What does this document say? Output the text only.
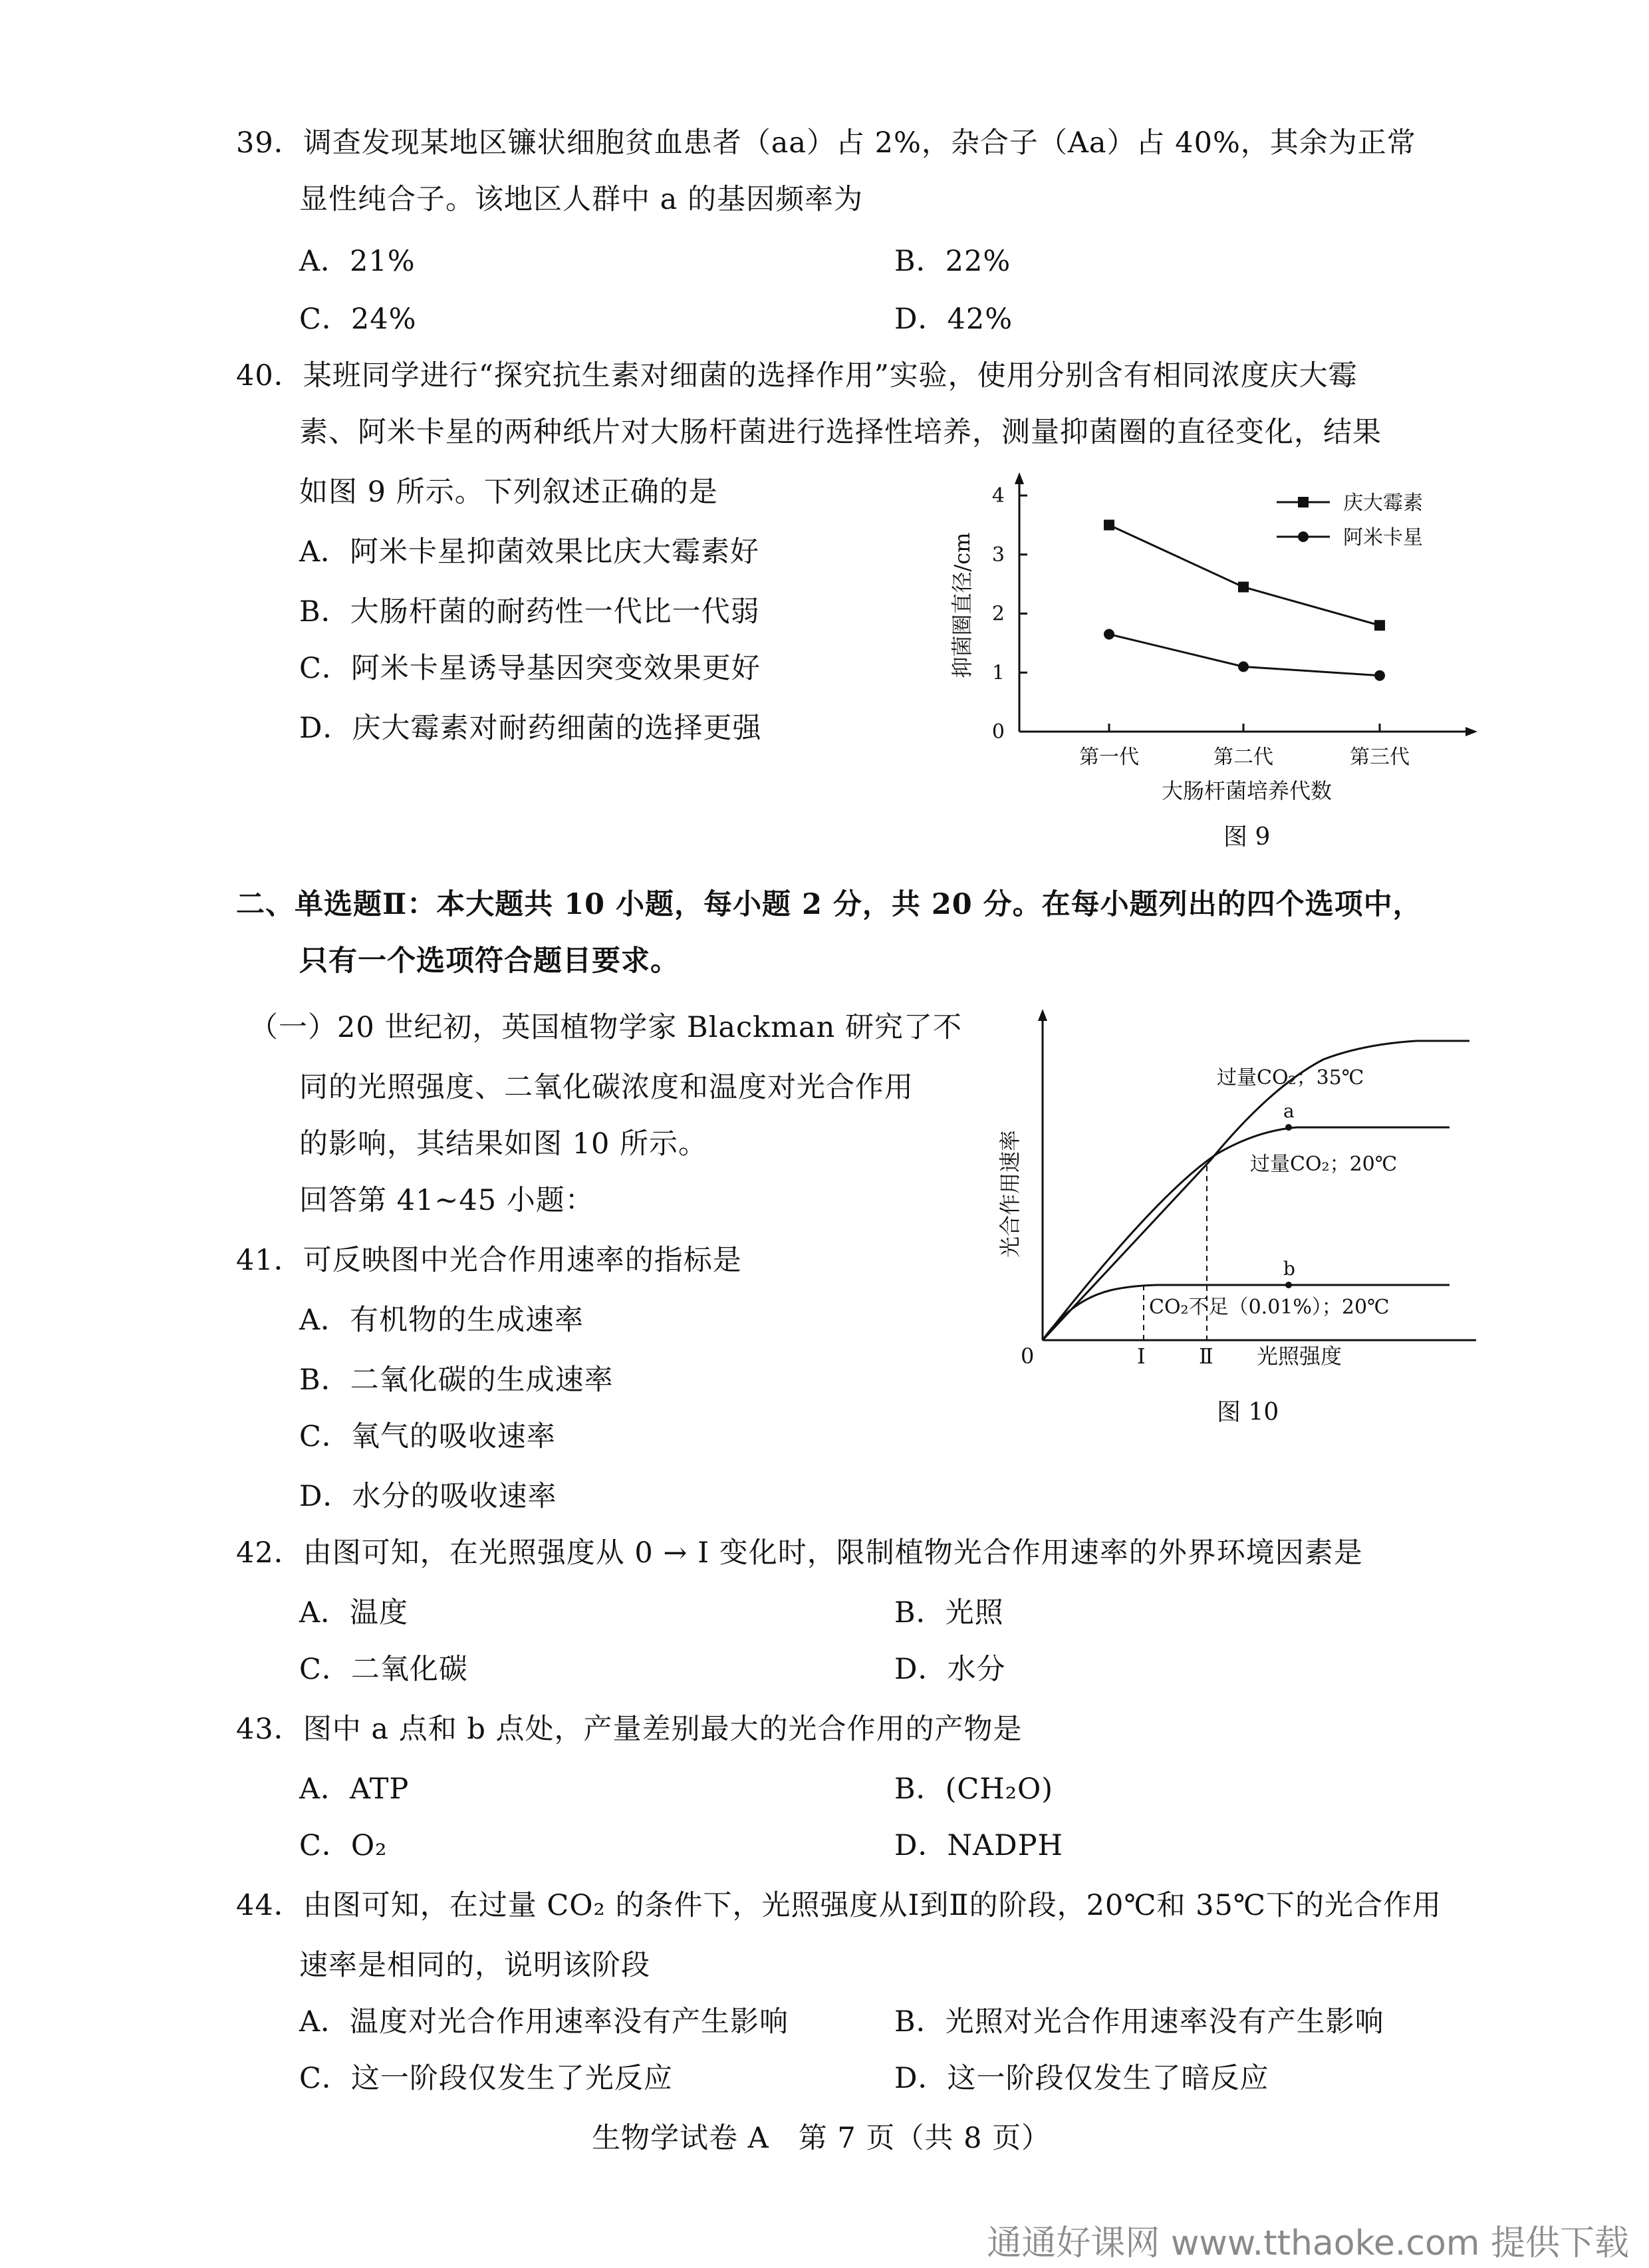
39．调查发现某地区镰状细胞贫血患者（aa）占 2%，杂合子（Aa）占 40%，其余为正常
显性纯合子。该地区人群中 a 的基因频率为
A．21%	B．22%
C．24%	D．42%
40．某班同学进行“探究抗生素对细菌的选择作用”实验，使用分别含有相同浓度庆大霉
素、阿米卡星的两种纸片对大肠杆菌进行选择性培养，测量抑菌圈的直径变化，结果
如图 9 所示。下列叙述正确的是
A．阿米卡星抑菌效果比庆大霉素好
B．大肠杆菌的耐药性一代比一代弱
C．阿米卡星诱导基因突变效果更好
D．庆大霉素对耐药细菌的选择更强	0
1
2
3
4
第一代	第二代	第三代
抑菌圈直径/cm
大肠杆菌培养代数
庆大霉素
阿米卡星
图 9
二、单选题Ⅱ：本大题共 10 小题，每小题 2 分，共 20 分。在每小题列出的四个选项中，
只有一个选项符合题目要求。
（一）20 世纪初，英国植物学家 Blackman 研究了不
同的光照强度、二氧化碳浓度和温度对光合作用
的影响，其结果如图 10 所示。
回答第 41~45 小题：
41．可反映图中光合作用速率的指标是
A．有机物的生成速率
B．二氧化碳的生成速率
C．氧气的吸收速率
D．水分的吸收速率
a
b
过量CO₂；35℃
过量CO₂；20℃
CO₂不足（0.01%）；20℃
光合作用速率
0	Ⅰ	Ⅱ 光照强度
图 10
42．由图可知，在光照强度从 0 → Ⅰ 变化时，限制植物光合作用速率的外界环境因素是
A．温度	B．光照
C．二氧化碳	D．水分
43．图中 a 点和 b 点处，产量差别最大的光合作用的产物是
A．ATP	B．(CH₂O)
C．O₂	D．NADPH
44．由图可知，在过量 CO₂ 的条件下，光照强度从Ⅰ到Ⅱ的阶段，20℃和 35℃下的光合作用
速率是相同的，说明该阶段
A．温度对光合作用速率没有产生影响	B．光照对光合作用速率没有产生影响
C．这一阶段仅发生了光反应	D．这一阶段仅发生了暗反应
生物学试卷 A　第 7 页（共 8 页）
通通好课网 www.tthaoke.com 提供下载
